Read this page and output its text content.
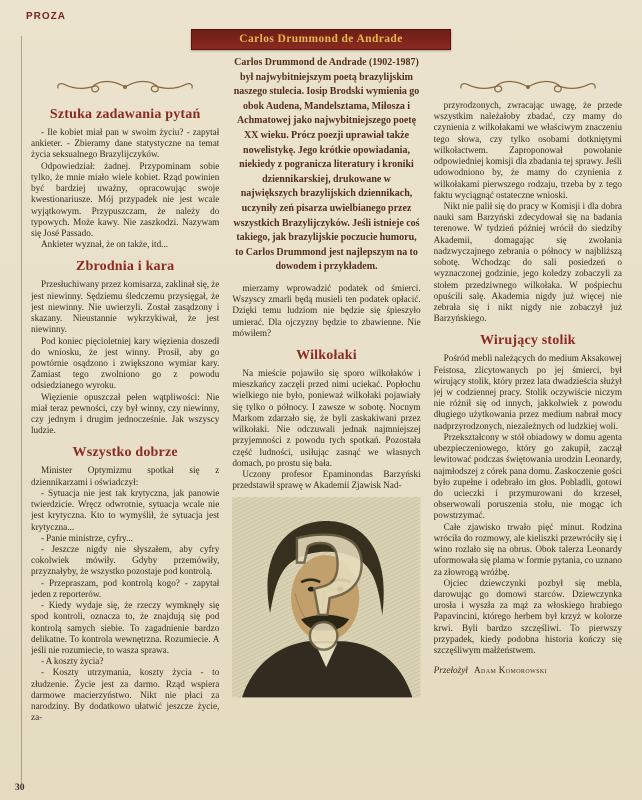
PROZA
Carlos Drummond de Andrade
Sztuka zadawania pytań

- Ile kobiet miał pan w swoim życiu? - zapytał ankieter. - Zbieramy dane statystyczne na temat życia seksualnego Brazylijczyków.

Odpowiedział: żadnej. Przypominam sobie tylko, że mnie miało wiele kobiet. Rząd powinien być bardziej uważny, opracowując swoje kwestionariusze. Mój przypadek nie jest wcale wyjątkowym. Przypuszczam, że należy do typowych. Może kawy. Nie zaszkodzi. Nazywam się José Passado.

Ankieter wyznał, że on także, itd...

Zbrodnia i kara

Przesłuchiwany przez komisarza, zaklinał się, że jest niewinny. Sędziemu śledczemu przysięgał, że jest niewinny. Nie uwierzyli. Został zasądzony i skazany. Nieustannie wykrzykiwał, że jest niewinny.

Pod koniec pięcioletniej kary więzienia doszedł do wniosku, że jest winny. Prosił, aby go powtórnie osądzono i zwiększono wymiar kary. Zamiast tego zwolniono go z powodu odsiedzianego wyroku.

Więzienie opuszczał pełen wątpliwości: Nie miał teraz pewności, czy był winny, czy niewinny, czy jednym i drugim jednocześnie. Jak wszyscy ludzie.

Wszystko dobrze

Minister Optymizmu spotkał się z dziennikarzami i oświadczył:

- Sytuacja nie jest tak krytyczna, jak panowie twierdzicie. Wręcz odwrotnie, sytuacja wcale nie jest krytyczna. Kto to wymyślił, że sytuacja jest krytyczna...

- Panie ministrze, cyfry...

- Jeszcze nigdy nie słyszałem, aby cyfry cokolwiek mówiły. Gdyby przemówiły, przyznałyby, że wszystko pozostaje pod kontrolą.

- Przepraszam, pod kontrolą kogo? - zapytał jeden z reporterów.

- Kiedy wydaje się, że rzeczy wymknęły się spod kontroli, oznacza to, że znajdują się pod kontrolą samych siebie. To zagadnienie bardzo delikatne. To kontrola wewnętrzna. Rozumiecie. A jeśli nie rozumiecie, to wasza sprawa.

- A koszty życia?

- Koszty utrzymania, koszty życia - to złudzenie. Życie jest za darmo. Rząd wspiera darmowe macierzyństwo. Nikt nie płaci za narodziny. By dodatkowo ułatwić jeszcze życie, za-

Carlos Drummond de Andrade (1902-1987) był najwybitniejszym poetą brazylijskim naszego stulecia. Iosip Brodski wymienia go obok Audena, Mandelsztama, Miłosza i Achmatowej jako najwybitniejszego poetę XX wieku. Prócz poezji uprawiał także nowelistykę. Jego krótkie opowiadania, niekiedy z pogranicza literatury i kroniki dziennikarskiej, drukowane w największych brazylijskich dziennikach, uczyniły zeń pisarza uwielbianego przez wszystkich Brazylijczyków. Jeśli istnieje coś takiego, jak brazylijskie poczucie humoru, to Carlos Drummond jest najlepszym na to dowodem i przykładem.

mierzamy wprowadzić podatek od śmierci. Wszyscy zmarli będą musieli ten podatek opłacić. Dzięki temu ludziom nie będzie się śpieszyło umierać. Dla ojczyzny będzie to zbawienne. Nie mówiłem?

Wilkołaki

Na mieście pojawiło się sporo wilkołaków i mieszkańcy zaczęli przed nimi uciekać. Popłochu wielkiego nie było, ponieważ wilkołaki pojawiały się tylko o północy. I zawsze w sobotę. Nocnym Markom zdarzało się, że byli zaskakiwani przez wilkołaki. Nie odczuwali jednak najmniejszej przyjemności z powodu tych spotkań. Pozostała część ludności, usiłując zasnąć we własnych domach, po prostu się bała.

Uczony profesor Epaminondas Barzyński przedstawił sprawę w Akademii Zjawisk Nad-

?

przyrodzonych, zwracając uwagę, że przede wszystkim należałoby zbadać, czy mamy do czynienia z wilkołakami we właściwym znaczeniu tego słowa, czy tylko osobami dotkniętymi wilkołactwem. Zaproponował powołanie odpowiedniej komisji dla zbadania tej sprawy. Jeśli udowodniono by, że mamy do czynienia z wilkołakami pierwszego rodzaju, trzeba by z tego faktu wyciągnąć ostateczne wnioski.

Nikt nie palił się do pracy w Komisji i dla dobra nauki sam Barzyński zdecydował się na badania terenowe. W tydzień później wrócił do siedziby Akademii, domagając się zwołania nadzwyczajnego zebrania o północy w najbliższą sobotę. Wchodząc do sali posiedzeń o wyznaczonej godzinie, jego koledzy zobaczyli za stołem przedziwnego wilkołaka. W pośpiechu opuścili salę. Akademia nigdy już więcej nie zebrała się i nikt nigdy nie zobaczył już Barzyńskiego.

Wirujący stolik

Pośród mebli należących do medium Aksakowej Feistosa, zlicytowanych po jej śmierci, był wirujący stolik, który przez lata dwadzieścia służył jej w codziennej pracy. Stolik oczywiście niczym nie różnił się od innych, jakkolwiek z powodu długiego użytkowania przez medium nabrał mocy nadprzyrodzonych, niezależnych od ludzkiej woli.

Przekształcony w stół obiadowy w domu agenta ubezpieczeniowego, który go zakupił, zaczął lewitować podczas świętowania urodzin Leonardy, najmłodszej z córek pana domu. Zaskoczenie gości było zupełne i odebrało im głos. Pobladli, gotowi do ucieczki i przymurowani do krzeseł, obserwowali poruszenia stołu, nie mogąc ich powstrzymać.

Całe zjawisko trwało pięć minut. Rodzina wróciła do rozmowy, ale kieliszki przewróciły się i wino rozlało się na obrus. Obok talerza Leonardy uformowała się plama w formie pytania, co uznano za złowrogą wróżbę.

Ojciec dziewczynki pozbył się mebla, darowując go domowi starców. Dziewczynka urosła i wyszła za mąż za włoskiego hrabiego Papavincini, którego herbem był krzyż w kolorze krwi. Byli bardzo szczęśliwi. To pierwszy przypadek, kiedy podobna historia kończy się szczęśliwym małżeństwem.

Przełożył Adam Komorowski

30
